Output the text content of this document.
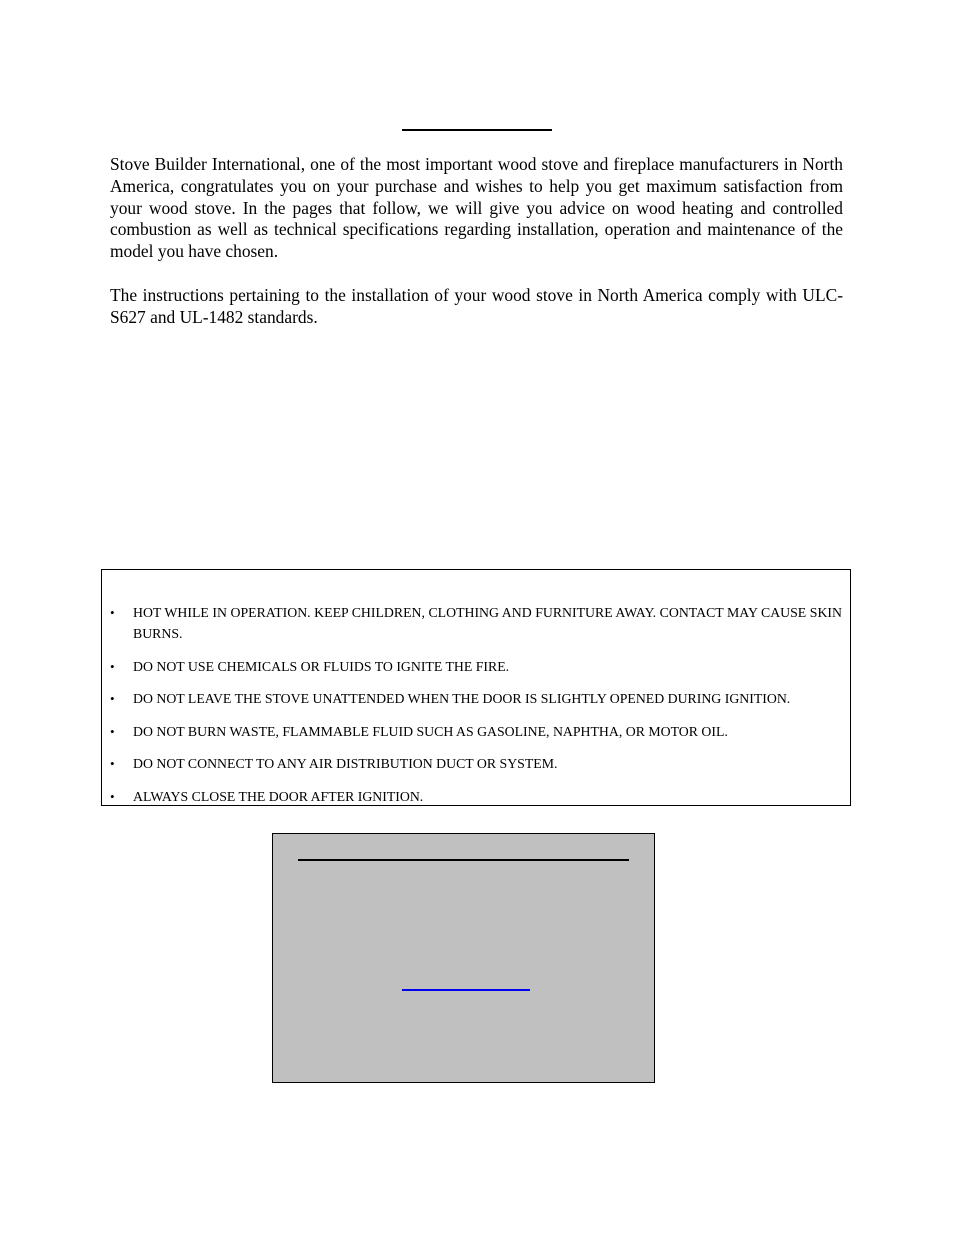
Stove Builder International, one of the most important wood stove and fireplace manufacturers in North America, congratulates you on your purchase and wishes to help you get maximum satisfaction from your wood stove. In the pages that follow, we will give you advice on wood heating and controlled combustion as well as technical specifications regarding installation, operation and maintenance of the model you have chosen.

The instructions pertaining to the installation of your wood stove in North America comply with ULC-S627 and UL-1482 standards.

• HOT WHILE IN OPERATION. KEEP CHILDREN, CLOTHING AND FURNITURE AWAY. CONTACT MAY CAUSE SKIN BURNS.
• DO NOT USE CHEMICALS OR FLUIDS TO IGNITE THE FIRE.
• DO NOT LEAVE THE STOVE UNATTENDED WHEN THE DOOR IS SLIGHTLY OPENED DURING IGNITION.
• DO NOT BURN WASTE, FLAMMABLE FLUID SUCH AS GASOLINE, NAPHTHA, OR MOTOR OIL.
• DO NOT CONNECT TO ANY AIR DISTRIBUTION DUCT OR SYSTEM.
• ALWAYS CLOSE THE DOOR AFTER IGNITION.
